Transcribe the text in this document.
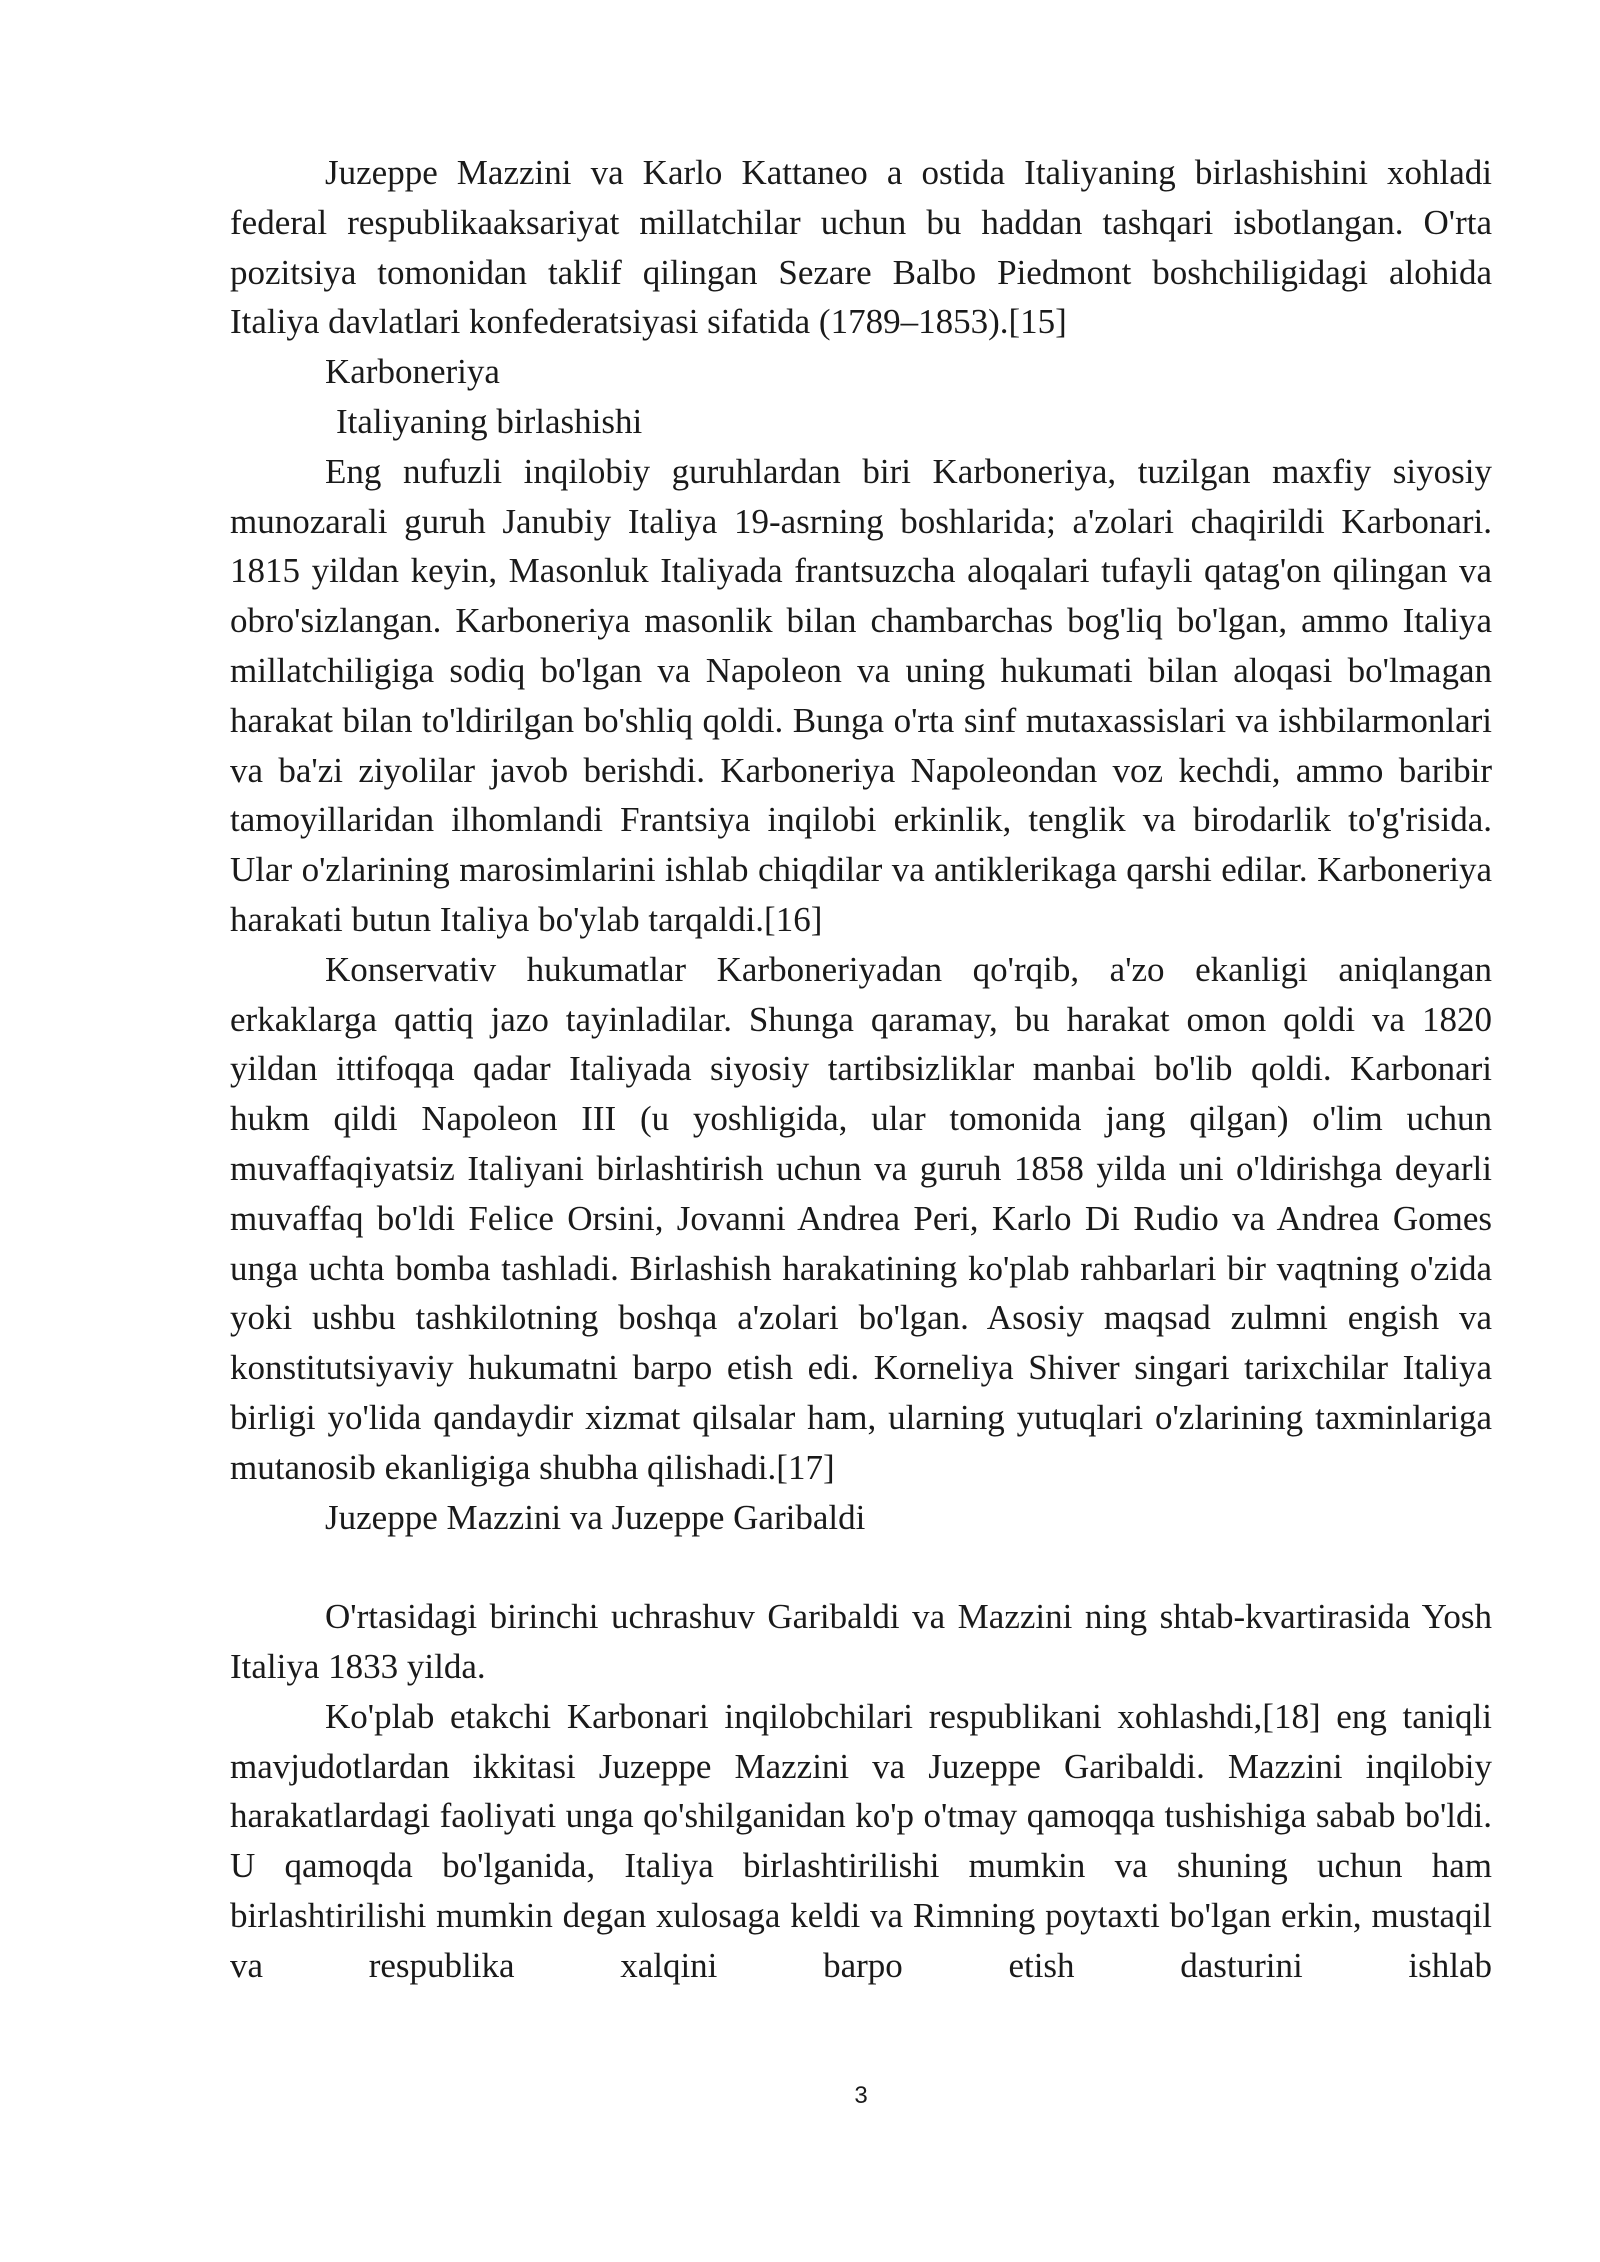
Juzeppe Mazzini va Karlo Kattaneo a ostida Italiyaning birlashishini xohladi federal respublikaaksariyat millatchilar uchun bu haddan tashqari isbotlangan. O'rta pozitsiya tomonidan taklif qilingan Sezare Balbo Piedmont boshchiligidagi alohida Italiya davlatlari konfederatsiyasi sifatida (1789–1853).[15]

Karboneriya

Italiyaning birlashishi

Eng nufuzli inqilobiy guruhlardan biri Karboneriya, tuzilgan maxfiy siyosiy munozarali guruh Janubiy Italiya 19-asrning boshlarida; a'zolari chaqirildi Karbonari. 1815 yildan keyin, Masonluk Italiyada frantsuzcha aloqalari tufayli qatag'on qilingan va obro'sizlangan. Karboneriya masonlik bilan chambarchas bog'liq bo'lgan, ammo Italiya millatchiligiga sodiq bo'lgan va Napoleon va uning hukumati bilan aloqasi bo'lmagan harakat bilan to'ldirilgan bo'shliq qoldi. Bunga o'rta sinf mutaxassislari va ishbilarmonlari va ba'zi ziyolilar javob berishdi. Karboneriya Napoleondan voz kechdi, ammo baribir tamoyillaridan ilhomlandi Frantsiya inqilobi erkinlik, tenglik va birodarlik to'g'risida. Ular o'zlarining marosimlarini ishlab chiqdilar va antiklerikaga qarshi edilar. Karboneriya harakati butun Italiya bo'ylab tarqaldi.[16]

Konservativ hukumatlar Karboneriyadan qo'rqib, a'zo ekanligi aniqlangan erkaklarga qattiq jazo tayinladilar. Shunga qaramay, bu harakat omon qoldi va 1820 yildan ittifoqqa qadar Italiyada siyosiy tartibsizliklar manbai bo'lib qoldi. Karbonari hukm qildi Napoleon III (u yoshligida, ular tomonida jang qilgan) o'lim uchun muvaffaqiyatsiz Italiyani birlashtirish uchun va guruh 1858 yilda uni o'ldirishga deyarli muvaffaq bo'ldi Felice Orsini, Jovanni Andrea Peri, Karlo Di Rudio va Andrea Gomes unga uchta bomba tashladi. Birlashish harakatining ko'plab rahbarlari bir vaqtning o'zida yoki ushbu tashkilotning boshqa a'zolari bo'lgan. Asosiy maqsad zulmni engish va konstitutsiyaviy hukumatni barpo etish edi. Korneliya Shiver singari tarixchilar Italiya birligi yo'lida qandaydir xizmat qilsalar ham, ularning yutuqlari o'zlarining taxminlariga mutanosib ekanligiga shubha qilishadi.[17]

Juzeppe Mazzini va Juzeppe Garibaldi

O'rtasidagi birinchi uchrashuv Garibaldi va Mazzini ning shtab-kvartirasida Yosh Italiya 1833 yilda.

Ko'plab etakchi Karbonari inqilobchilari respublikani xohlashdi,[18] eng taniqli mavjudotlardan ikkitasi Juzeppe Mazzini va Juzeppe Garibaldi. Mazzini inqilobiy harakatlardagi faoliyati unga qo'shilganidan ko'p o'tmay qamoqqa tushishiga sabab bo'ldi. U qamoqda bo'lganida, Italiya birlashtirilishi mumkin va shuning uchun ham birlashtirilishi mumkin degan xulosaga keldi va Rimning poytaxti bo'lgan erkin, mustaqil va respublika xalqini barpo etish dasturini ishlab

3
